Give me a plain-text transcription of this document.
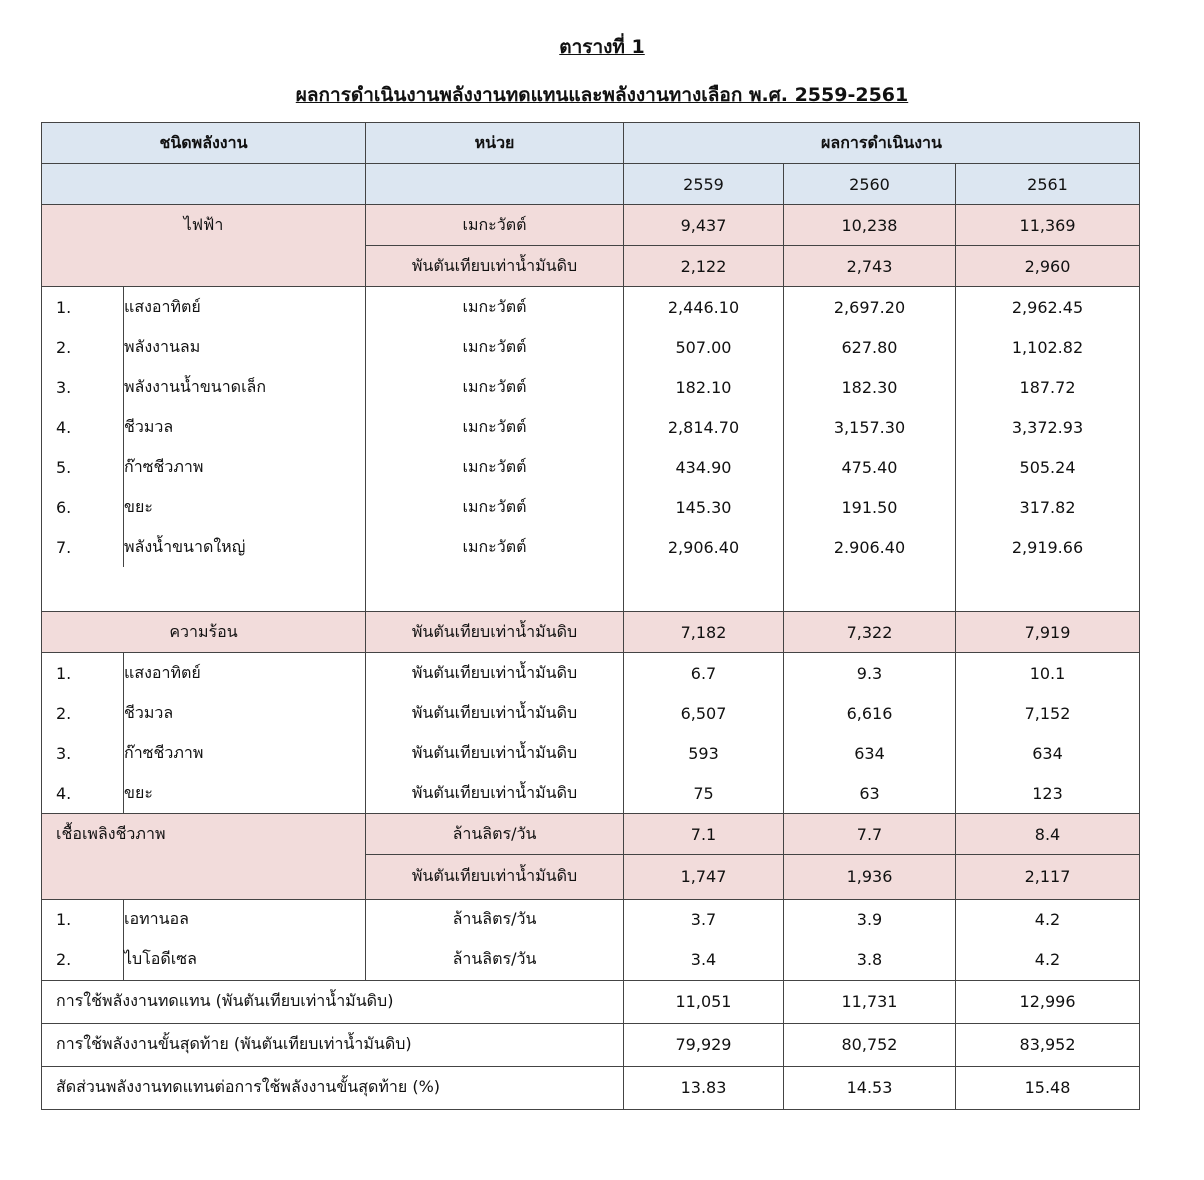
ตารางที่ 1
ผลการดำเนินงานพลังงานทดแทนและพลังงานทางเลือก พ.ศ. 2559-2561
ชนิดพลังงาน		หน่วย	ผลการดำเนินงาน		
			2559	2560	2561
ไฟฟ้า		เมกะวัตต์	9,437	10,238	11,369
		พันตันเทียบเท่าน้ำมันดิบ	2,122	2,743	2,960
1.	แสงอาทิตย์	เมกะวัตต์	2,446.10	2,697.20	2,962.45
2.	พลังงานลม	เมกะวัตต์	507.00	627.80	1,102.82
3.	พลังงานน้ำขนาดเล็ก	เมกะวัตต์	182.10	182.30	187.72
4.	ชีวมวล	เมกะวัตต์	2,814.70	3,157.30	3,372.93
5.	ก๊าซชีวภาพ	เมกะวัตต์	434.90	475.40	505.24
6.	ขยะ	เมกะวัตต์	145.30	191.50	317.82
7.	พลังน้ำขนาดใหญ่	เมกะวัตต์	2,906.40	2.906.40	2,919.66

ความร้อน		พันตันเทียบเท่าน้ำมันดิบ	7,182	7,322	7,919
1.	แสงอาทิตย์	พันตันเทียบเท่าน้ำมันดิบ	6.7	9.3	10.1
2.	ชีวมวล	พันตันเทียบเท่าน้ำมันดิบ	6,507	6,616	7,152
3.	ก๊าซชีวภาพ	พันตันเทียบเท่าน้ำมันดิบ	593	634	634
4.	ขยะ	พันตันเทียบเท่าน้ำมันดิบ	75	63	123
เชื้อเพลิงชีวภาพ		ล้านลิตร/วัน	7.1	7.7	8.4
		พันตันเทียบเท่าน้ำมันดิบ	1,747	1,936	2,117
1.	เอทานอล	ล้านลิตร/วัน	3.7	3.9	4.2
2.	ไบโอดีเซล	ล้านลิตร/วัน	3.4	3.8	4.2
การใช้พลังงานทดแทน (พันตันเทียบเท่าน้ำมันดิบ)			11,051	11,731	12,996
การใช้พลังงานขั้นสุดท้าย (พันตันเทียบเท่าน้ำมันดิบ)			79,929	80,752	83,952
สัดส่วนพลังงานทดแทนต่อการใช้พลังงานขั้นสุดท้าย (%)			13.83	14.53	15.48
